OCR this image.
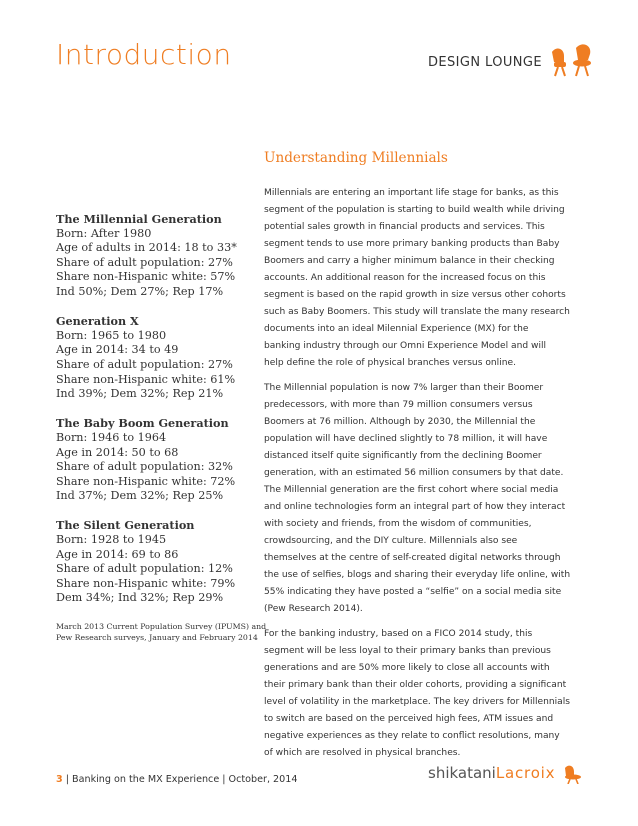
Introduction	DESIGN LOUNGE
The Millennial Generation
Born: After 1980
Age of adults in 2014: 18 to 33*
Share of adult population: 27%
Share non-Hispanic white: 57%
Ind 50%; Dem 27%; Rep 17%
Generation X
Born: 1965 to 1980
Age in 2014: 34 to 49
Share of adult population: 27%
Share non-Hispanic white: 61%
Ind 39%; Dem 32%; Rep 21%
The Baby Boom Generation
Born: 1946 to 1964
Age in 2014: 50 to 68
Share of adult population: 32%
Share non-Hispanic white: 72%
Ind 37%; Dem 32%; Rep 25%
The Silent Generation
Born: 1928 to 1945
Age in 2014: 69 to 86
Share of adult population: 12%
Share non-Hispanic white: 79%
Dem 34%; Ind 32%; Rep 29%
March 2013 Current Population Survey (IPUMS) and
Pew Research surveys, January and February 2014
Understanding Millennials

Millennials are entering an important life stage for banks, as this
segment of the population is starting to build wealth while driving
potential sales growth in financial products and services. This
segment tends to use more primary banking products than Baby
Boomers and carry a higher minimum balance in their checking
accounts. An additional reason for the increased focus on this
segment is based on the rapid growth in size versus other cohorts
such as Baby Boomers. This study will translate the many research
documents into an ideal Milennial Experience (MX) for the
banking industry through our Omni Experience Model and will
help define the role of physical branches versus online.

The Millennial population is now 7% larger than their Boomer
predecessors, with more than 79 million consumers versus
Boomers at 76 million. Although by 2030, the Millennial the
population will have declined slightly to 78 million, it will have
distanced itself quite significantly from the declining Boomer
generation, with an estimated 56 million consumers by that date.
The Millennial generation are the first cohort where social media
and online technologies form an integral part of how they interact
with society and friends, from the wisdom of communities,
crowdsourcing, and the DIY culture. Millennials also see
themselves at the centre of self-created digital networks through
the use of selfies, blogs and sharing their everyday life online, with
55% indicating they have posted a “selfie” on a social media site
(Pew Research 2014).

For the banking industry, based on a FICO 2014 study, this
segment will be less loyal to their primary banks than previous
generations and are 50% more likely to close all accounts with
their primary bank than their older cohorts, providing a significant
level of volatility in the marketplace. The key drivers for Millennials
to switch are based on the perceived high fees, ATM issues and
negative experiences as they relate to conflict resolutions, many
of which are resolved in physical branches.

3 | Banking on the MX Experience | October, 2014	shikataniLacroix
